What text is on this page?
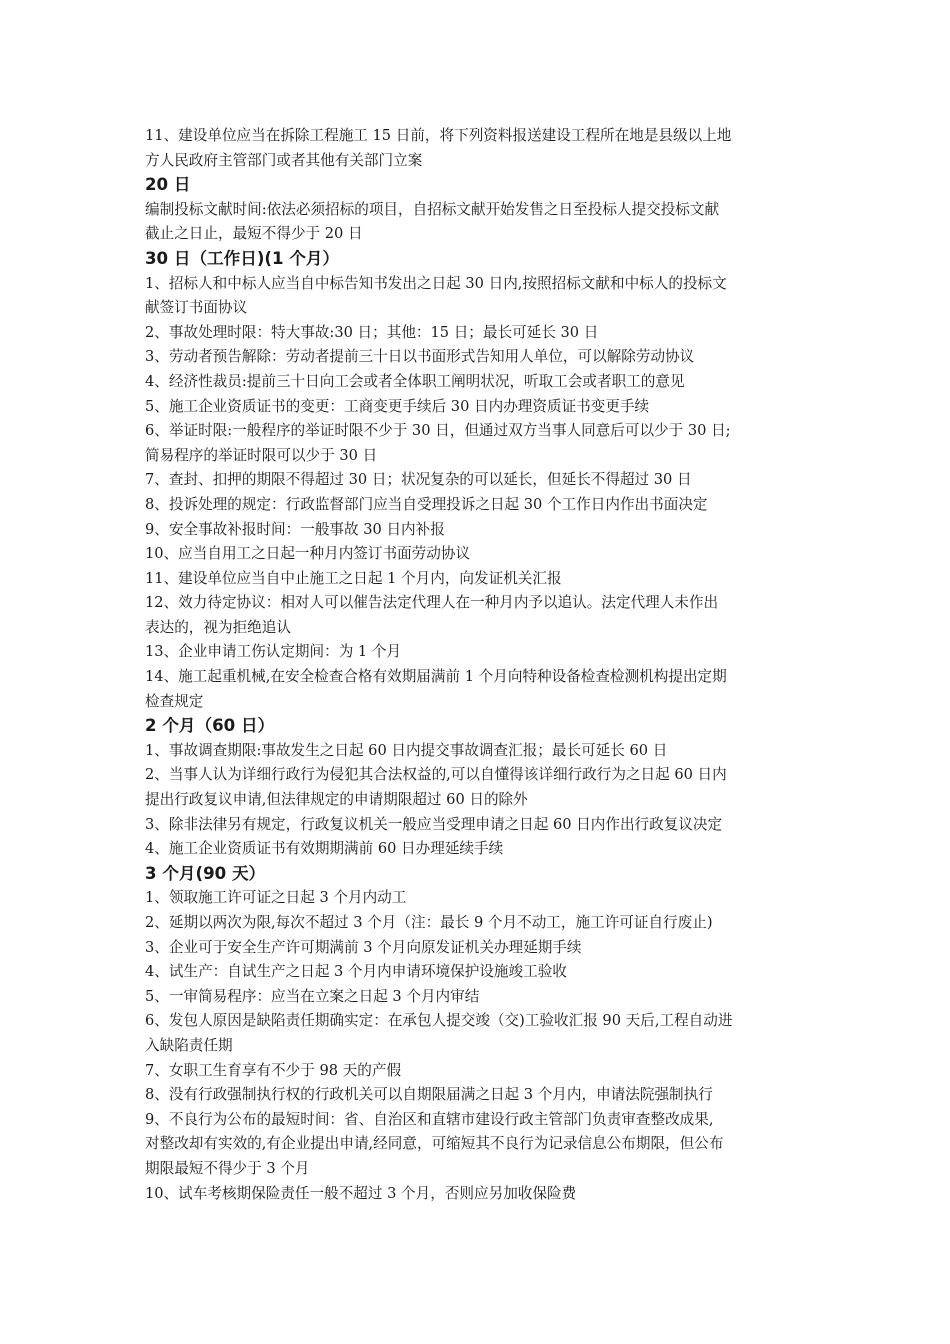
11、建设单位应当在拆除工程施工 15 日前，将下列资料报送建设工程所在地是县级以上地
方人民政府主管部门或者其他有关部门立案
20 日
编制投标文献时间:依法必须招标的项目，自招标文献开始发售之日至投标人提交投标文献
截止之日止，最短不得少于 20 日
30 日（工作日)(1 个月）
1、招标人和中标人应当自中标告知书发出之日起 30 日内,按照招标文献和中标人的投标文
献签订书面协议
2、事故处理时限：特大事故:30 日；其他：15 日；最长可延长 30 日
3、劳动者预告解除：劳动者提前三十日以书面形式告知用人单位，可以解除劳动协议
4、经济性裁员:提前三十日向工会或者全体职工阐明状况，听取工会或者职工的意见
5、施工企业资质证书的变更：工商变更手续后 30 日内办理资质证书变更手续
6、举证时限:一般程序的举证时限不少于 30 日，但通过双方当事人同意后可以少于 30 日;
简易程序的举证时限可以少于 30 日
7、查封、扣押的期限不得超过 30 日；状况复杂的可以延长，但延长不得超过 30 日
8、投诉处理的规定：行政监督部门应当自受理投诉之日起 30 个工作日内作出书面决定
9、安全事故补报时间：一般事故 30 日内补报
10、应当自用工之日起一种月内签订书面劳动协议
11、建设单位应当自中止施工之日起 1 个月内，向发证机关汇报
12、效力待定协议：相对人可以催告法定代理人在一种月内予以追认。法定代理人未作出
表达的，视为拒绝追认
13、企业申请工伤认定期间：为 1 个月
14、施工起重机械,在安全检查合格有效期届满前 1 个月向特种设备检查检测机构提出定期
检查规定
2 个月（60 日）
1、事故调查期限:事故发生之日起 60 日内提交事故调查汇报；最长可延长 60 日
2、当事人认为详细行政行为侵犯其合法权益的,可以自懂得该详细行政行为之日起 60 日内
提出行政复议申请,但法律规定的申请期限超过 60 日的除外
3、除非法律另有规定，行政复议机关一般应当受理申请之日起 60 日内作出行政复议决定
4、施工企业资质证书有效期期满前 60 日办理延续手续
3 个月(90 天）
1、领取施工许可证之日起 3 个月内动工
2、延期以两次为限,每次不超过 3 个月（注：最长 9 个月不动工，施工许可证自行废止)
3、企业可于安全生产许可期满前 3 个月向原发证机关办理延期手续
4、试生产：自试生产之日起 3 个月内申请环境保护设施竣工验收
5、一审简易程序：应当在立案之日起 3 个月内审结
6、发包人原因是缺陷责任期确实定：在承包人提交竣（交)工验收汇报 90 天后,工程自动进
入缺陷责任期
7、女职工生育享有不少于 98 天的产假
8、没有行政强制执行权的行政机关可以自期限届满之日起 3 个月内，申请法院强制执行
9、不良行为公布的最短时间：省、自治区和直辖市建设行政主管部门负责审查整改成果,
对整改却有实效的,有企业提出申请,经同意，可缩短其不良行为记录信息公布期限，但公布
期限最短不得少于 3 个月
10、试车考核期保险责任一般不超过 3 个月，否则应另加收保险费
